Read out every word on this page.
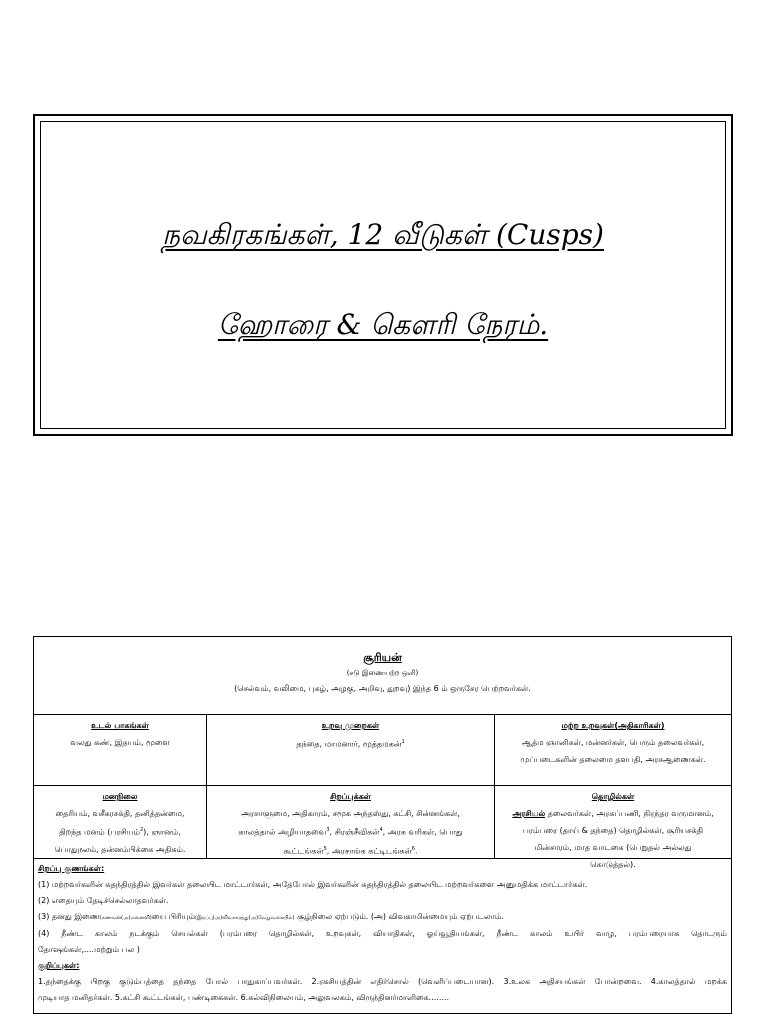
நவகிரகங்கள், 12 வீடுகள் (Cusps)
ஹோரை & கௌரி நேரம்.
சூரியன்
(சடு இணையற்ற ஒளி)
(செல்வம், வலிமை, புகழ், அழகு, அறிவு, துறவு) இந்த 6 ம் ஒருசேர பெற்றவர்கள்.
உடல் பாகங்கள்
வலது கண், இதயம், மூளை
உறவு முறைகள்
தந்தை, மாமனார், மூத்தமகன்$^1$
மற்ற உறவுகள்(அதிகாரிகள்)
ஆத்ம ஞானிகள், மன்னர்கள், பெரும் தலைவர்கள்,
முப்படைகளின் தலைமை தளபதி, அரசஆணைகள்.
மனநிலை
தைரியம், வசீகரசக்தி, தனித்தன்மை,
திறந்த மனம் (பரசியம்$^2$), ஞானம்,
பொதுநலம், தன்னம்பிக்கை அதிகம்.
சிறப்புக்கள்
அரசாளுமை, அதிகாரம், சமூக அந்தஸ்து, கட்சி, சின்னங்கள்,
காலத்தால் அழியாதவை$^3$, சிரஞ்சீவிகள்$^4$, அரசு வரிகள், பொது
கூட்டங்கள்$^5$, அரசாங்க கட்டிடங்கள்$^6$.
தொழில்கள்
அரசியல் தலைவர்கள், அரசுப்பணி, நிரந்தர வருமானம்,
பரம்பரை (தாய் & தந்தை) தொழில்கள், சூரியசக்தி
மின்சாரம், மாத வாடகை (பெறுதல் அல்லது
கொடுத்தல்).
சிறப்பு குணங்கள்:

(1) மற்றவர்களின் சுதந்திரத்தில் இவர்கள் தலையிட மாட்டார்கள், அதேபோல் இவர்களின் சுதந்திரத்தில் தலையிட மற்றவர்களை அனுமதிக்க மாட்டார்கள்.

(2) எதையும் தேடிச்செல்லாதவர்கள்.

(3) தனது இணை(கணவன்(அ)மனைவி)யை பிரியும்(இறப்பு(அ)விவாகரத்து(அ)வேறுவகையில்) சூழ்நிலை ஏற்படும். (அ) விவகாமின்மையும் ஏற்படலாம்.

(4) நீண்ட காலம் நடக்கும் செயல்கள் (பரம்பரை தொழில்கள், உறவுகள், வியாதிகள், ஓய்வூதியங்கள், நீண்ட காலம் உயிர் வாழ, பரம்பரையாக தொடரும்

தோஷங்கள்,....மற்றும் பல )

குறிப்புகள்:

1.தந்தைக்கு பிறகு குடும்பத்தை தந்தை போல் பாதுகாப்பவர்கள். 2.ரகசியத்தின் எதிர்சொல் (வெளிப்படையான). 3.உலக அதிசயங்கள் போன்றவை. 4.காலத்தால் மறக்க

முடியாத மனிதர்கள். 5.கட்சி கூட்டங்கள், பண்டிகைகள். 6.கல்விநிலையம், அலுவலகம், விருந்தினர்மாளிகை........
